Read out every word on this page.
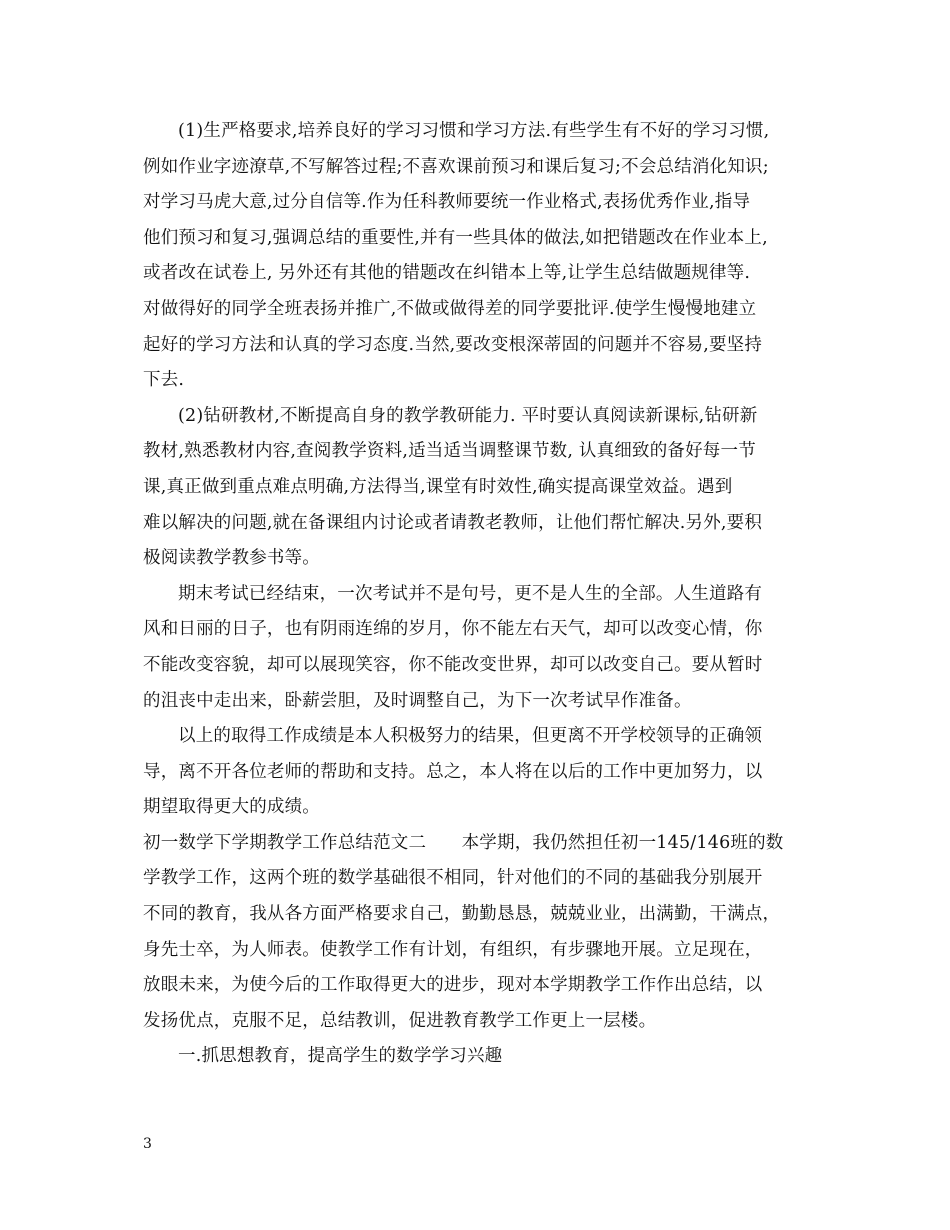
(1)生严格要求,培养良好的学习习惯和学习方法.有些学生有不好的学习习惯,
例如作业字迹潦草,不写解答过程;不喜欢课前预习和课后复习;不会总结消化知识;
对学习马虎大意,过分自信等.作为任科教师要统一作业格式,表扬优秀作业,指导
他们预习和复习,强调总结的重要性,并有一些具体的做法,如把错题改在作业本上,
或者改在试卷上, 另外还有其他的错题改在纠错本上等,让学生总结做题规律等.
对做得好的同学全班表扬并推广,不做或做得差的同学要批评.使学生慢慢地建立
起好的学习方法和认真的学习态度.当然,要改变根深蒂固的问题并不容易,要坚持
下去.
(2)钻研教材,不断提高自身的教学教研能力. 平时要认真阅读新课标,钻研新
教材,熟悉教材内容,查阅教学资料,适当适当调整课节数, 认真细致的备好每一节
课,真正做到重点难点明确,方法得当,课堂有时效性,确实提高课堂效益。遇到
难以解决的问题,就在备课组内讨论或者请教老教师，让他们帮忙解决.另外,要积
极阅读教学教参书等。
期末考试已经结束，一次考试并不是句号，更不是人生的全部。人生道路有
风和日丽的日子，也有阴雨连绵的岁月，你不能左右天气，却可以改变心情，你
不能改变容貌，却可以展现笑容，你不能改变世界，却可以改变自己。要从暂时
的沮丧中走出来，卧薪尝胆，及时调整自己，为下一次考试早作准备。
以上的取得工作成绩是本人积极努力的结果，但更离不开学校领导的正确领
导，离不开各位老师的帮助和支持。总之，本人将在以后的工作中更加努力，以
期望取得更大的成绩。
初一数学下学期教学工作总结范文二　　本学期，我仍然担任初一145/146班的数
学教学工作，这两个班的数学基础很不相同，针对他们的不同的基础我分别展开
不同的教育，我从各方面严格要求自己，勤勤恳恳，兢兢业业，出满勤，干满点，
身先士卒，为人师表。使教学工作有计划，有组织，有步骤地开展。立足现在，
放眼未来，为使今后的工作取得更大的进步，现对本学期教学工作作出总结，以
发扬优点，克服不足，总结教训，促进教育教学工作更上一层楼。
一.抓思想教育，提高学生的数学学习兴趣
3
